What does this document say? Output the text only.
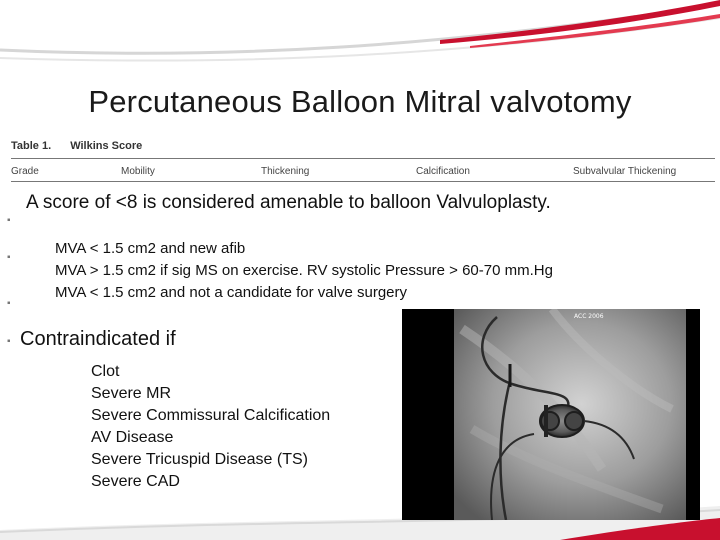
Percutaneous Balloon Mitral valvotomy
Table 1. Wilkins Score
Grade	Mobility	Thickening	Calcification	Subvalvular Thickening
▪
▪
▪
▪
A score of <8 is considered amenable to balloon Valvuloplasty.
MVA < 1.5 cm2 and new afib
MVA > 1.5 cm2 if sig MS on exercise. RV systolic Pressure > 60-70 mm.Hg
MVA < 1.5 cm2 and not a candidate for valve surgery
Contraindicated if
Clot
Severe MR
Severe Commissural Calcification
AV Disease
Severe Tricuspid Disease (TS)
Severe CAD
ACC 2006
